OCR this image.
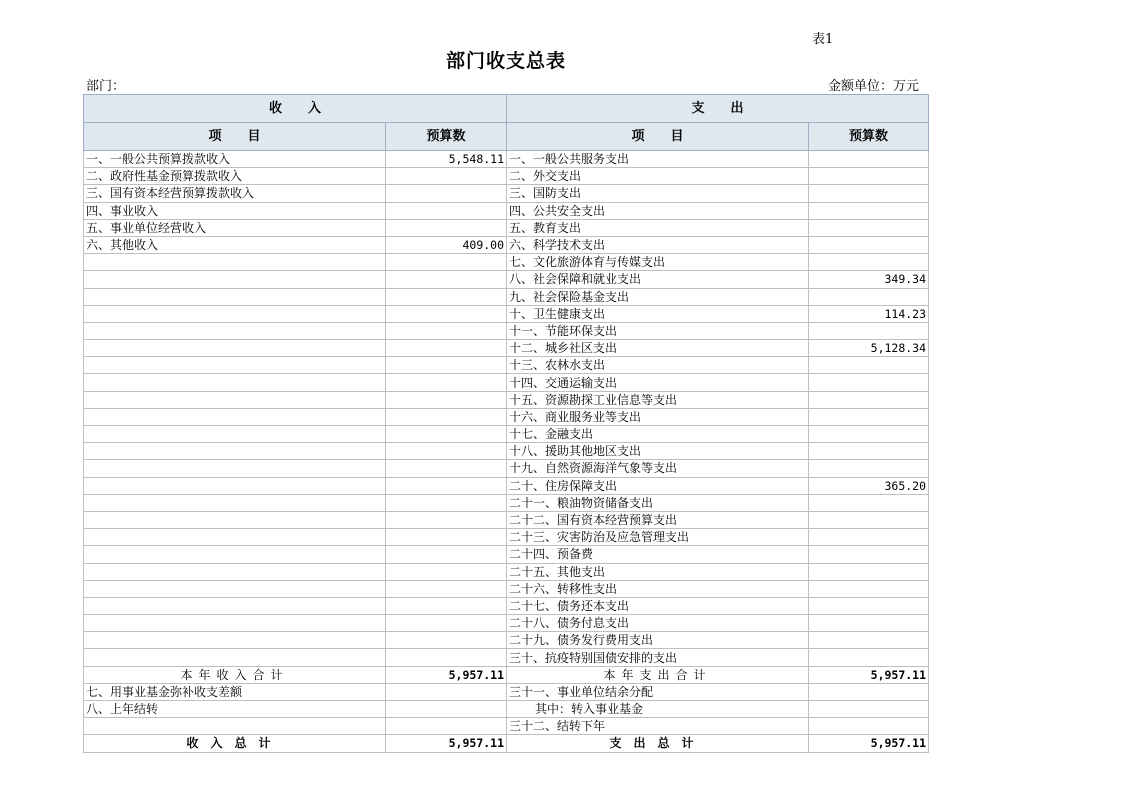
表1
部门收支总表
部门：	金额单位：万元
收　　入		支　　出	
项　　目	预算数	项　　目	预算数
一、一般公共预算拨款收入	5,548.11	一、一般公共服务支出	
二、政府性基金预算拨款收入		二、外交支出	
三、国有资本经营预算拨款收入		三、国防支出	
四、事业收入		四、公共安全支出	
五、事业单位经营收入		五、教育支出	
六、其他收入	409.00	六、科学技术支出	
		七、文化旅游体育与传媒支出	
		八、社会保障和就业支出	349.34
		九、社会保险基金支出	
		十、卫生健康支出	114.23
		十一、节能环保支出	
		十二、城乡社区支出	5,128.34
		十三、农林水支出	
		十四、交通运输支出	
		十五、资源勘探工业信息等支出	
		十六、商业服务业等支出	
		十七、金融支出	
		十八、援助其他地区支出	
		十九、自然资源海洋气象等支出	
		二十、住房保障支出	365.20
		二十一、粮油物资储备支出	
		二十二、国有资本经营预算支出	
		二十三、灾害防治及应急管理支出	
		二十四、预备费	
		二十五、其他支出	
		二十六、转移性支出	
		二十七、债务还本支出	
		二十八、债务付息支出	
		二十九、债务发行费用支出	
		三十、抗疫特别国债安排的支出	
本年收入合计	5,957.11	本年支出合计	5,957.11
七、用事业基金弥补收支差额		三十一、事业单位结余分配	
八、上年结转		其中：转入事业基金	
		三十二、结转下年	
收入总计	5,957.11	支出总计	5,957.11
